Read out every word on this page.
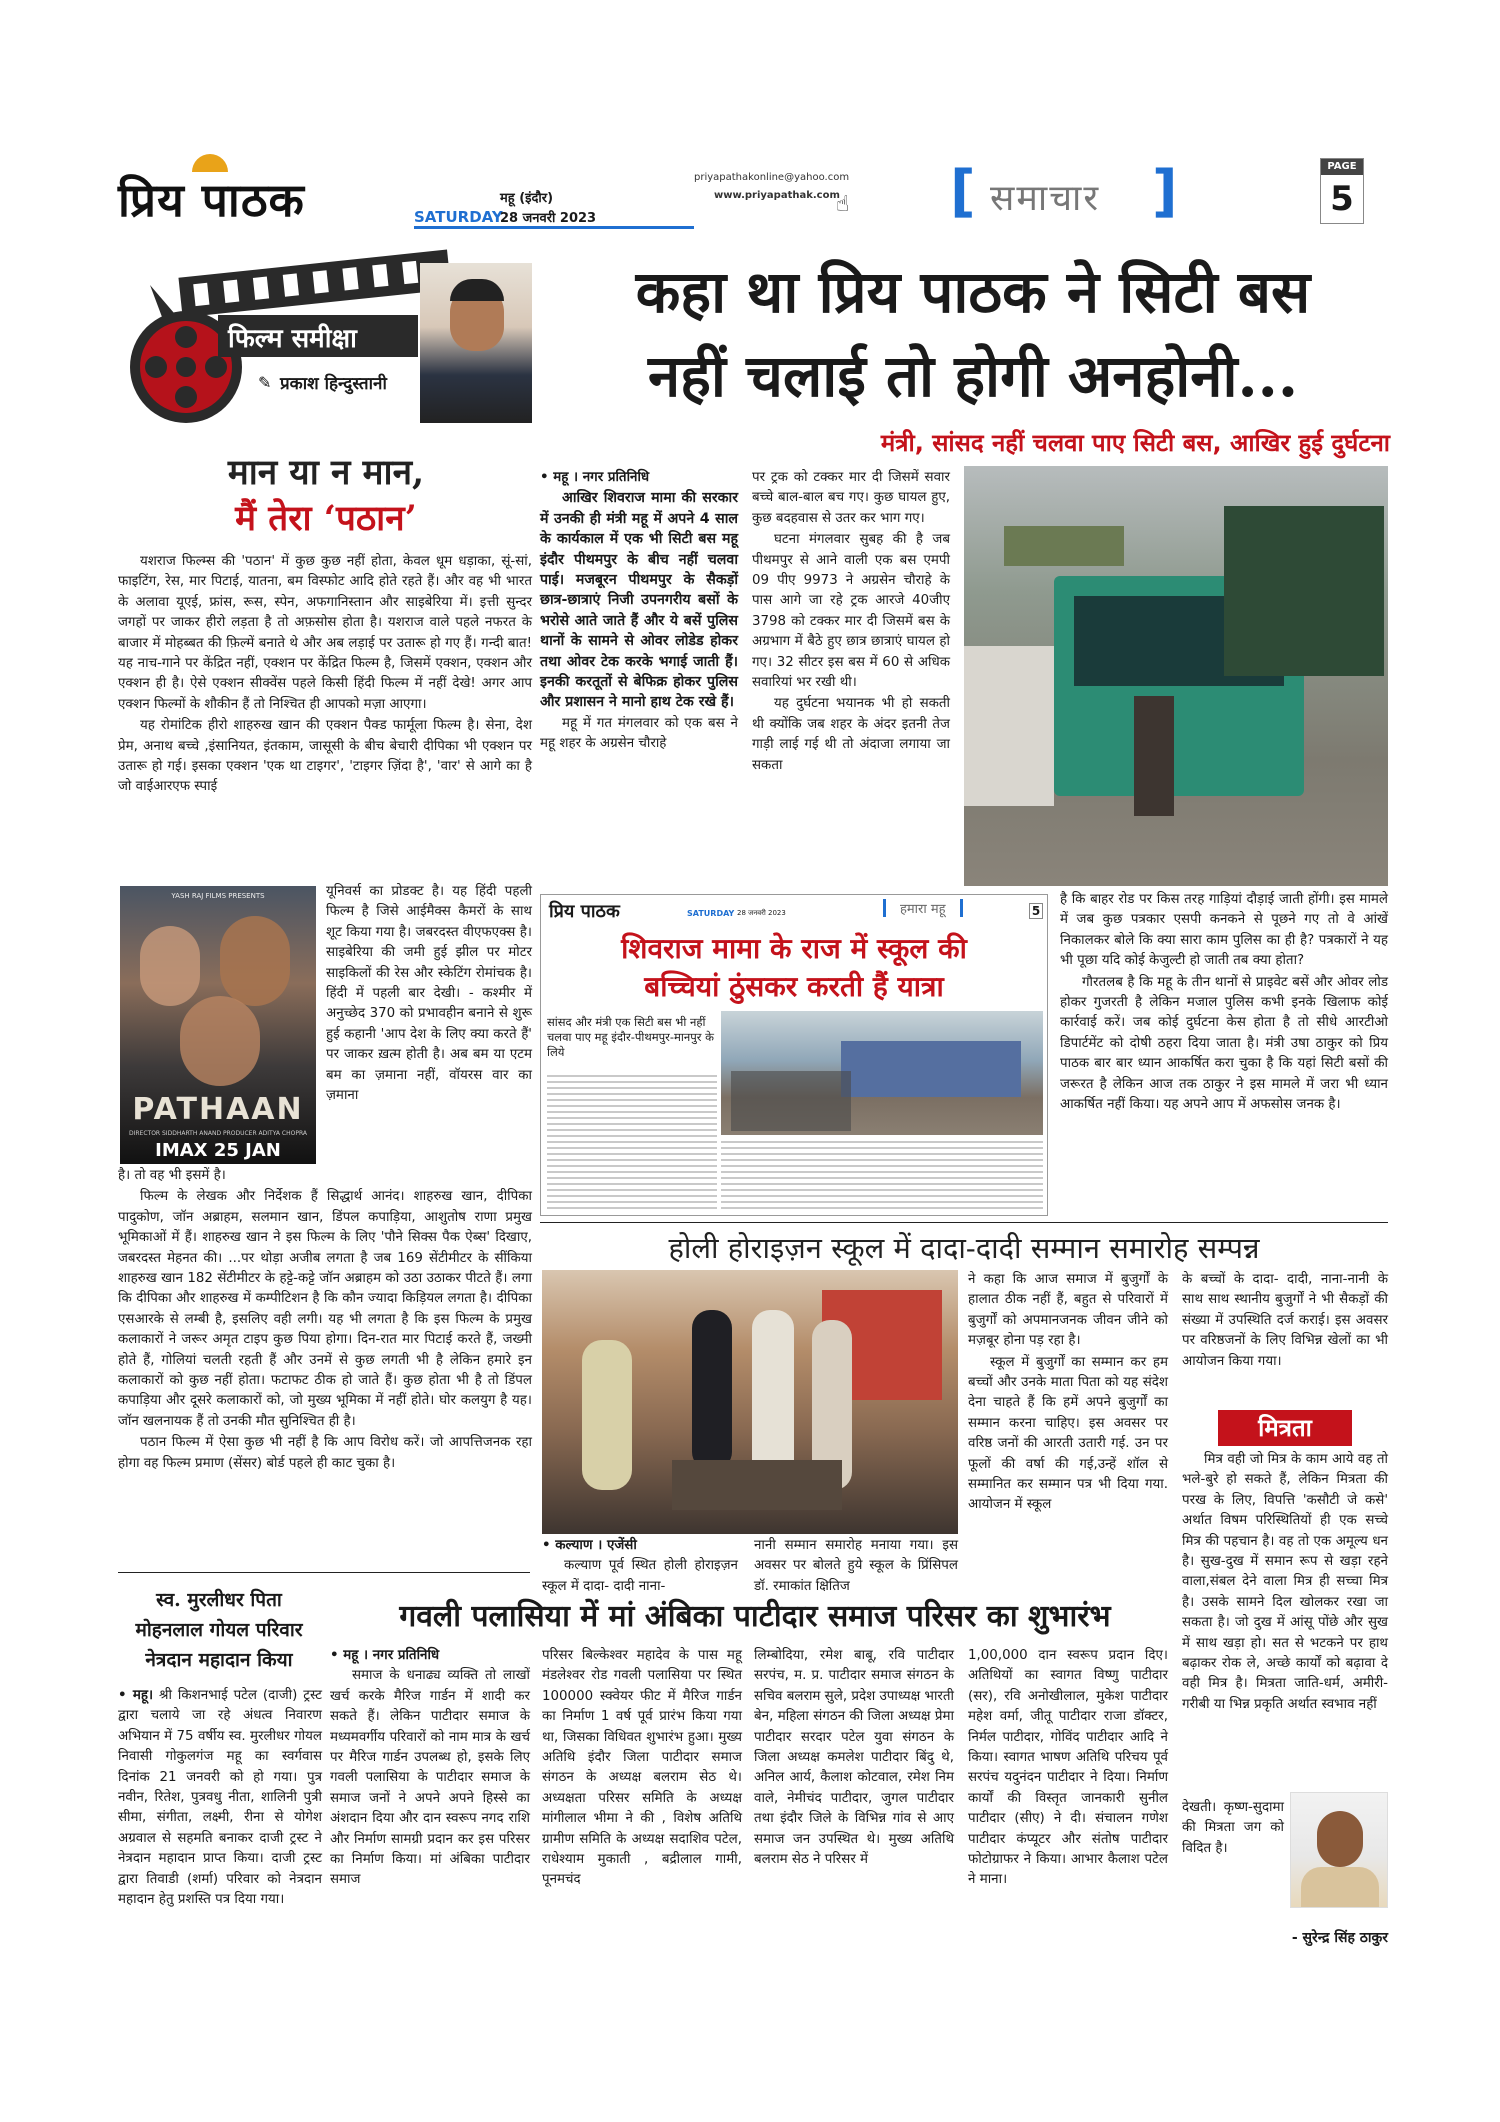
प्रिय पाठक	SATURDAY
महू (इंदौर)
28 जनवरी 2023
priyapathakonline@yahoo.com
www.priyapathak.com
☝ [ समाचार ]	PAGE
5
फिल्म समीक्षा
✎ प्रकाश हिन्दुस्तानी
मान या न मान,
मैं तेरा ‘पठान’

यशराज फिल्म्स की 'पठान' में कुछ कुछ नहीं होता, केवल धूम धड़ाका, सूं-सां, फाइटिंग, रेस, मार पिटाई, यातना, बम विस्फोट आदि होते रहते हैं। और वह भी भारत के अलावा यूएई, फ्रांस, रूस, स्पेन, अफगानिस्तान और साइबेरिया में। इत्ती सुन्दर जगहों पर जाकर हीरो लड़ता है तो अफ़सोस होता है। यशराज वाले पहले नफरत के बाजार में मोहब्बत की फ़िल्में बनाते थे और अब लड़ाई पर उतारू हो गए हैं। गन्दी बात! यह नाच-गाने पर केंद्रित नहीं, एक्शन पर केंद्रित फिल्म है, जिसमें एक्शन, एक्शन और एक्शन ही है। ऐसे एक्शन सीक्वेंस पहले किसी हिंदी फिल्म में नहीं देखे! अगर आप एक्शन फिल्मों के शौकीन हैं तो निश्चित ही आपको मज़ा आएगा।

यह रोमांटिक हीरो शाहरुख खान की एक्शन पैक्ड फार्मूला फिल्म है। सेना, देश प्रेम, अनाथ बच्चे ,इंसानियत, इंतकाम, जासूसी के बीच बेचारी दीपिका भी एक्शन पर उतारू हो गई। इसका एक्शन 'एक था टाइगर', 'टाइगर ज़िंदा है', 'वार' से आगे का है जो वाईआरएफ स्पाई

YASH RAJ FILMS PRESENTS
PATHAAN
DIRECTOR SIDDHARTH ANAND PRODUCER ADITYA CHOPRA
IMAX 25 JAN

यूनिवर्स का प्रोडक्ट है। यह हिंदी पहली फिल्म है जिसे आईमैक्स कैमरों के साथ शूट किया गया है। जबरदस्त वीएफएक्स है। साइबेरिया की जमी हुई झील पर मोटर साइकिलों की रेस और स्केटिंग रोमांचक है। हिंदी में पहली बार देखी। - कश्मीर में अनुच्छेद 370 को प्रभावहीन बनाने से शुरू हुई कहानी 'आप देश के लिए क्या करते हैं' पर जाकर ख़त्म होती है। अब बम या एटम बम का ज़माना नहीं, वॉयरस वार का ज़माना

है। तो वह भी इसमें है।

फिल्म के लेखक और निर्देशक हैं सिद्धार्थ आनंद। शाहरुख खान, दीपिका पादुकोण, जॉन अब्राहम, सलमान खान, डिंपल कपाड़िया, आशुतोष राणा प्रमुख भूमिकाओं में हैं। शाहरुख खान ने इस फिल्म के लिए 'पौने सिक्स पैक ऐब्स' दिखाए, जबरदस्त मेहनत की। ...पर थोड़ा अजीब लगता है जब 169 सेंटीमीटर के सींकिया शाहरुख खान 182 सेंटीमीटर के हट्टे-कट्टे जॉन अब्राहम को उठा उठाकर पीटते हैं। लगा कि दीपिका और शाहरुख में कम्पीटिशन है कि कौन ज्यादा किड़ियल लगता है। दीपिका एसआरके से लम्बी है, इसलिए वही लगी। यह भी लगता है कि इस फिल्म के प्रमुख कलाकारों ने जरूर अमृत टाइप कुछ पिया होगा। दिन-रात मार पिटाई करते हैं, जख्मी होते हैं, गोलियां चलती रहती हैं और उनमें से कुछ लगती भी है लेकिन हमारे इन कलाकारों को कुछ नहीं होता। फटाफट ठीक हो जाते हैं। कुछ होता भी है तो डिंपल कपाड़िया और दूसरे कलाकारों को, जो मुख्य भूमिका में नहीं होते। घोर कलयुग है यह। जॉन खलनायक हैं तो उनकी मौत सुनिश्चित ही है।

पठान फिल्म में ऐसा कुछ भी नहीं है कि आप विरोध करें। जो आपत्तिजनक रहा होगा वह फिल्म प्रमाण (सेंसर) बोर्ड पहले ही काट चुका है।

कहा था प्रिय पाठक ने सिटी बस
नहीं चलाई तो होगी अनहोनी...
मंत्री, सांसद नहीं चलवा पाए सिटी बस, आखिर हुई दुर्घटना
• महू । नगर प्रतिनिधि

आखिर शिवराज मामा की सरकार में उनकी ही मंत्री महू में अपने 4 साल के कार्यकाल में एक भी सिटी बस महू इंदौर पीथमपुर के बीच नहीं चलवा पाई। मजबूरन पीथमपुर के सैकड़ों छात्र-छात्राएं निजी उपनगरीय बसों के भरोसे आते जाते हैं और ये बसें पुलिस थानों के सामने से ओवर लोडेड होकर तथा ओवर टेक करके भगाई जाती हैं। इनकी करतूतों से बेफिक्र होकर पुलिस और प्रशासन ने मानो हाथ टेक रखे हैं।

महू में गत मंगलवार को एक बस ने महू शहर के अग्रसेन चौराहे

पर ट्रक को टक्कर मार दी जिसमें सवार बच्चे बाल-बाल बच गए। कुछ घायल हुए, कुछ बदहवास से उतर कर भाग गए।

घटना मंगलवार सुबह की है जब पीथमपुर से आने वाली एक बस एमपी 09 पीए 9973 ने अग्रसेन चौराहे के पास आगे जा रहे ट्रक आरजे 40जीए 3798 को टक्कर मार दी जिसमें बस के अग्रभाग में बैठे हुए छात्र छात्राएं घायल हो गए। 32 सीटर इस बस में 60 से अधिक सवारियां भर रखी थी।

यह दुर्घटना भयानक भी हो सकती थी क्योंकि जब शहर के अंदर इतनी तेज गाड़ी लाई गई थी तो अंदाजा लगाया जा सकता

प्रिय पाठक	SATURDAY 28 जनवरी 2023	हमारा महू	5
शिवराज मामा के राज में स्कूल की
बच्चियां ठुंसकर करती हैं यात्रा
सांसद और मंत्री एक सिटी बस भी नहीं चलवा पाए महू इंदौर-पीथमपुर-मानपुर के लिये

है कि बाहर रोड पर किस तरह गाड़ियां दौड़ाई जाती होंगी। इस मामले में जब कुछ पत्रकार एसपी कनकने से पूछने गए तो वे आंखें निकालकर बोले कि क्या सारा काम पुलिस का ही है? पत्रकारों ने यह भी पूछा यदि कोई केजुल्टी हो जाती तब क्या होता?

गौरतलब है कि महू के तीन थानों से प्राइवेट बसें और ओवर लोड होकर गुजरती है लेकिन मजाल पुलिस कभी इनके खिलाफ कोई कार्रवाई करें। जब कोई दुर्घटना केस होता है तो सीधे आरटीओ डिपार्टमेंट को दोषी ठहरा दिया जाता है। मंत्री उषा ठाकुर को प्रिय पाठक बार बार ध्यान आकर्षित करा चुका है कि यहां सिटी बसों की जरूरत है लेकिन आज तक ठाकुर ने इस मामले में जरा भी ध्यान आकर्षित नहीं किया। यह अपने आप में अफसोस जनक है।

होली होराइज़न स्कूल में दादा-दादी सम्मान समारोह सम्पन्न
• कल्याण । एजेंसी

कल्याण पूर्व स्थित होली होराइज़न स्कूल में दादा- दादी नाना-

नानी सम्मान समारोह मनाया गया। इस अवसर पर बोलते हुये स्कूल के प्रिंसिपल डॉ. रमाकांत क्षितिज

ने कहा कि आज समाज में बुजुर्गों के हालात ठीक नहीं हैं, बहुत से परिवारों में बुजुर्गों को अपमानजनक जीवन जीने को मज़बूर होना पड़ रहा है।

स्कूल में बुजुर्गों का सम्मान कर हम बच्चों और उनके माता पिता को यह संदेश देना चाहते हैं कि हमें अपने बुजुर्गों का सम्मान करना चाहिए। इस अवसर पर वरिष्ठ जनों की आरती उतारी गई. उन पर फूलों की वर्षा की गई,उन्हें शॉल से सम्मानित कर सम्मान पत्र भी दिया गया. आयोजन में स्कूल

के बच्चों के दादा- दादी, नाना-नानी के साथ साथ स्थानीय बुजुर्गों ने भी सैकड़ों की संख्या में उपस्थिति दर्ज कराई। इस अवसर पर वरिष्ठजनों के लिए विभिन्न खेलों का भी आयोजन किया गया।

मित्रता

मित्र वही जो मित्र के काम आये वह तो भले-बुरे हो सकते हैं, लेकिन मित्रता की परख के लिए, विपत्ति 'कसौटी जे कसे' अर्थात विषम परिस्थितियों ही एक सच्चे मित्र की पहचान है। वह तो एक अमूल्य धन है। सुख-दुख में समान रूप से खड़ा रहने वाला,संबल देने वाला मित्र ही सच्चा मित्र है। उसके सामने दिल खोलकर रखा जा सकता है। जो दुख में आंसू पोंछे और सुख में साथ खड़ा हो। सत से भटकने पर हाथ बढ़ाकर रोक ले, अच्छे कार्यों को बढ़ावा दे वही मित्र है। मित्रता जाति-धर्म, अमीरी-गरीबी या भिन्न प्रकृति अर्थात स्वभाव नहीं

देखती। कृष्ण-सुदामा की मित्रता जग को विदित है।

- सुरेन्द्र सिंह ठाकुर
स्व. मुरलीधर पिता
मोहनलाल गोयल परिवार
नेत्रदान महादान किया

• महू। श्री किशनभाई पटेल (दाजी) ट्रस्ट द्वारा चलाये जा रहे अंधत्व निवारण अभियान में 75 वर्षीय स्व. मुरलीधर गोयल निवासी गोकुलगंज महू का स्वर्गवास दिनांक 21 जनवरी को हो गया। पुत्र नवीन, रितेश, पुत्रवधु नीता, शालिनी पुत्री सीमा, संगीता, लक्ष्मी, रीना से योगेश अग्रवाल से सहमति बनाकर दाजी ट्रस्ट ने नेत्रदान महादान प्राप्त किया। दाजी ट्रस्ट द्वारा तिवाडी (शर्मा) परिवार को नेत्रदान महादान हेतु प्रशस्ति पत्र दिया गया।

गवली पलासिया में मां अंबिका पाटीदार समाज परिसर का शुभारंभ
• महू । नगर प्रतिनिधि

समाज के धनाढ्य व्यक्ति तो लाखों खर्च करके मैरिज गार्डन में शादी कर सकते हैं। लेकिन पाटीदार समाज के मध्यमवर्गीय परिवारों को नाम मात्र के खर्च पर मैरिज गार्डन उपलब्ध हो, इसके लिए गवली पलासिया के पाटीदार समाज के समाज जनों ने अपने अपने हिस्से का अंशदान दिया और दान स्वरूप नगद राशि और निर्माण सामग्री प्रदान कर इस परिसर का निर्माण किया। मां अंबिका पाटीदार समाज

परिसर बिल्केश्वर महादेव के पास महू मंडलेश्वर रोड गवली पलासिया पर स्थित 100000 स्क्वेयर फीट में मैरिज गार्डन का निर्माण 1 वर्ष पूर्व प्रारंभ किया गया था, जिसका विधिवत शुभारंभ हुआ। मुख्य अतिथि इंदौर जिला पाटीदार समाज संगठन के अध्यक्ष बलराम सेठ थे। अध्यक्षता परिसर समिति के अध्यक्ष मांगीलाल भीमा ने की , विशेष अतिथि ग्रामीण समिति के अध्यक्ष सदाशिव पटेल, राधेश्याम मुकाती , बद्रीलाल गामी, पूनमचंद

लिम्बोदिया, रमेश बाबू, रवि पाटीदार सरपंच, म. प्र. पाटीदार समाज संगठन के सचिव बलराम सुले, प्रदेश उपाध्यक्ष भारती बेन, महिला संगठन की जिला अध्यक्ष प्रेमा पाटीदार सरदार पटेल युवा संगठन के जिला अध्यक्ष कमलेश पाटीदार बिंदु थे, अनिल आर्य, कैलाश कोटवाल, रमेश निम वाले, नेमीचंद पाटीदार, जुगल पाटीदार तथा इंदौर जिले के विभिन्न गांव से आए समाज जन उपस्थित थे। मुख्य अतिथि बलराम सेठ ने परिसर में

1,00,000 दान स्वरूप प्रदान दिए। अतिथियों का स्वागत विष्णु पाटीदार (सर), रवि अनोखीलाल, मुकेश पाटीदार महेश वर्मा, जीतू पाटीदार राजा डॉक्टर, निर्मल पाटीदार, गोविंद पाटीदार आदि ने किया। स्वागत भाषण अतिथि परिचय पूर्व सरपंच यदुनंदन पाटीदार ने दिया। निर्माण कार्यों की विस्तृत जानकारी सुनील पाटीदार (सीए) ने दी। संचालन गणेश पाटीदार कंप्यूटर और संतोष पाटीदार फोटोग्राफर ने किया। आभार कैलाश पटेल ने माना।
